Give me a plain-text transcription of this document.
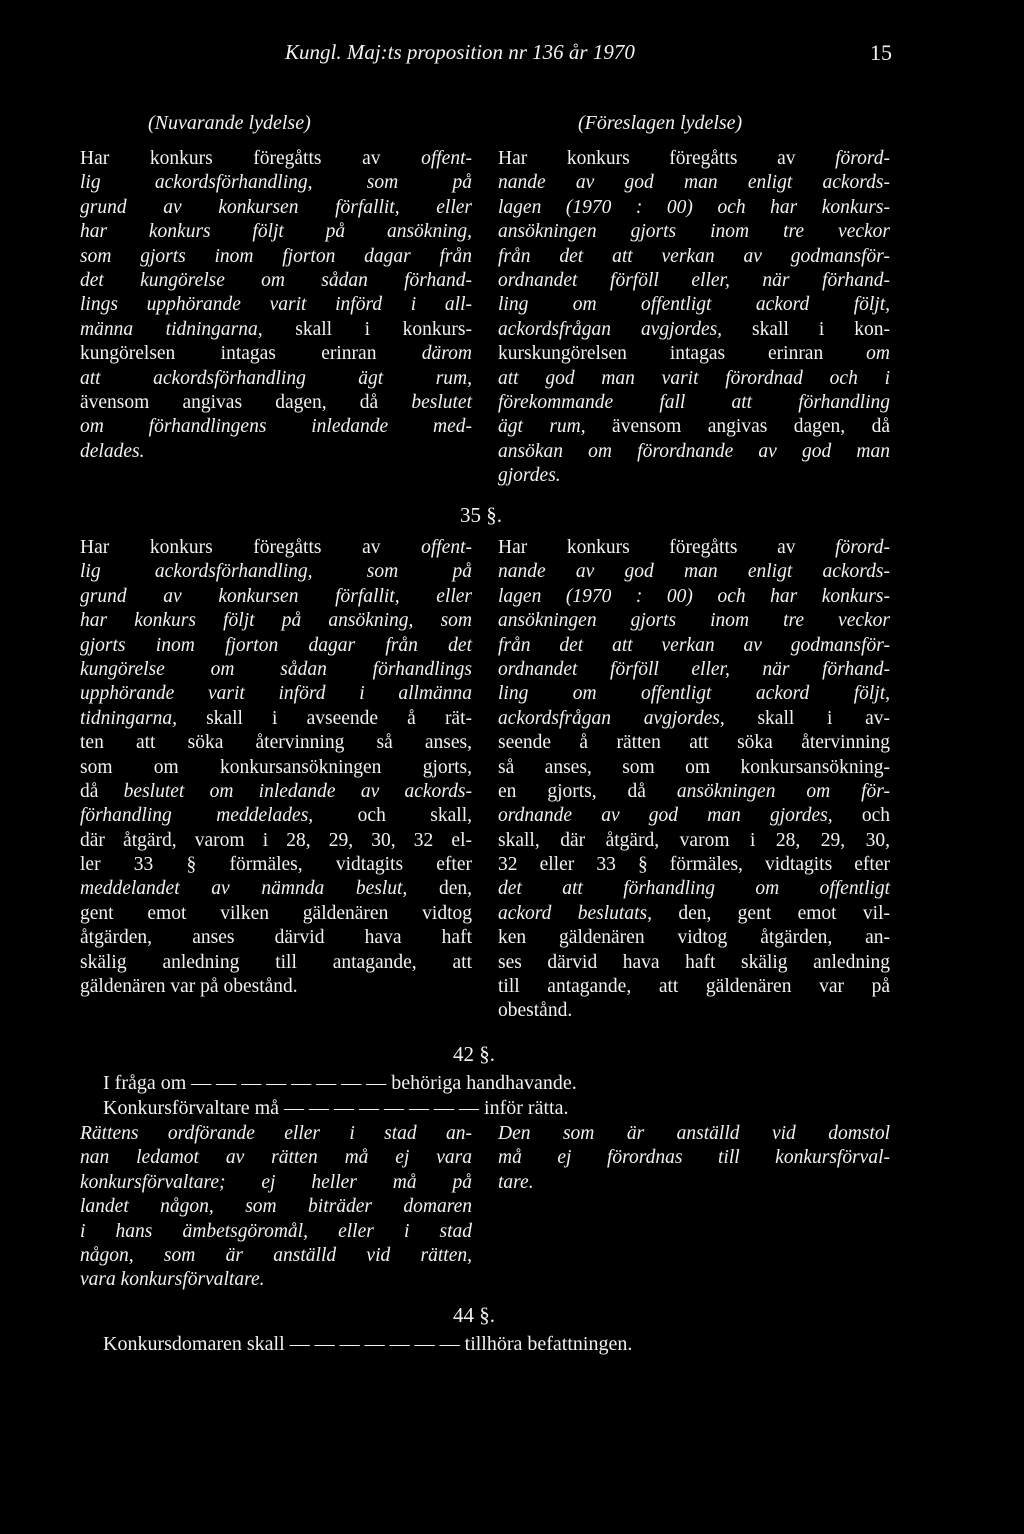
Kungl. Maj:ts proposition nr 136 år 1970	15
(Nuvarande lydelse)	(Föreslagen lydelse)
Har konkurs föregåtts av offent-
lig ackordsförhandling, som på
grund av konkursen förfallit, eller
har konkurs följt på ansökning,
som gjorts inom fjorton dagar från
det kungörelse om sådan förhand-
lings upphörande varit införd i all-
männa tidningarna, skall i konkurs-
kungörelsen intagas erinran därom
att ackordsförhandling ägt rum,
ävensom angivas dagen, då beslutet
om förhandlingens inledande med-
delades.
Har konkurs föregåtts av förord-
nande av god man enligt ackords-
lagen (1970 : 00) och har konkurs-
ansökningen gjorts inom tre veckor
från det att verkan av godmansför-
ordnandet förföll eller, när förhand-
ling om offentligt ackord följt,
ackordsfrågan avgjordes, skall i kon-
kurskungörelsen intagas erinran om
att god man varit förordnad och i
förekommande fall att förhandling
ägt rum, ävensom angivas dagen, då
ansökan om förordnande av god man
gjordes.
35 §.
Har konkurs föregåtts av offent-
lig ackordsförhandling, som på
grund av konkursen förfallit, eller
har konkurs följt på ansökning, som
gjorts inom fjorton dagar från det
kungörelse om sådan förhandlings
upphörande varit införd i allmänna
tidningarna, skall i avseende å rät-
ten att söka återvinning så anses,
som om konkursansökningen gjorts,
då beslutet om inledande av ackords-
förhandling meddelades, och skall,
där åtgärd, varom i 28, 29, 30, 32 el-
ler 33 § förmäles, vidtagits efter
meddelandet av nämnda beslut, den,
gent emot vilken gäldenären vidtog
åtgärden, anses därvid hava haft
skälig anledning till antagande, att
gäldenären var på obestånd.
Har konkurs föregåtts av förord-
nande av god man enligt ackords-
lagen (1970 : 00) och har konkurs-
ansökningen gjorts inom tre veckor
från det att verkan av godmansför-
ordnandet förföll eller, när förhand-
ling om offentligt ackord följt,
ackordsfrågan avgjordes, skall i av-
seende å rätten att söka återvinning
så anses, som om konkursansökning-
en gjorts, då ansökningen om för-
ordnande av god man gjordes, och
skall, där åtgärd, varom i 28, 29, 30,
32 eller 33 § förmäles, vidtagits efter
det att förhandling om offentligt
ackord beslutats, den, gent emot vil-
ken gäldenären vidtog åtgärden, an-
ses därvid hava haft skälig anledning
till antagande, att gäldenären var på
obestånd.
42 §.
I fråga om — — — — — — — — behöriga handhavande.
Konkursförvaltare må — — — — — — — — inför rätta.
Rättens ordförande eller i stad an-
nan ledamot av rätten må ej vara
konkursförvaltare; ej heller må på
landet någon, som biträder domaren
i hans ämbetsgöromål, eller i stad
någon, som är anställd vid rätten,
vara konkursförvaltare.
Den som är anställd vid domstol
må ej förordnas till konkursförval-
tare.
44 §.
Konkursdomaren skall — — — — — — — tillhöra befattningen.
